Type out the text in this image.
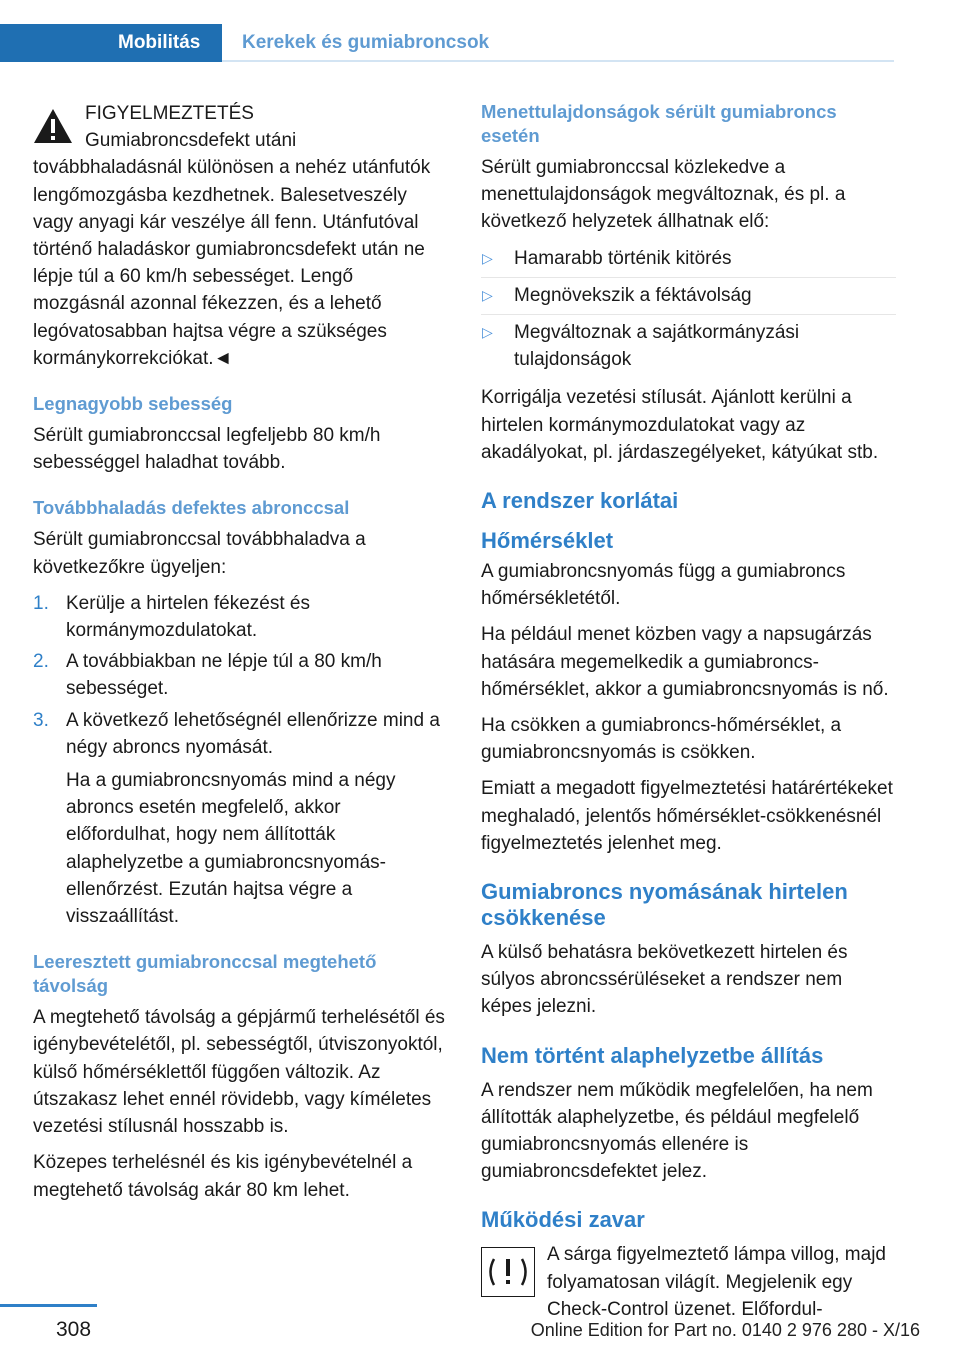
Mobilitás	Kerekek és gumiabroncsok

FIGYELMEZTETÉS

Gumiabroncsdefekt utáni továbbhaladásnál különösen a nehéz utánfutók lengőmozgásba kezdhetnek. Balesetveszély vagy anyagi kár veszélye áll fenn. Utánfutóval történő haladáskor gumiabroncsdefekt után ne lépje túl a 60 km/h sebességet. Lengő mozgásnál azonnal fékezzen, és a lehető legóvatosabban hajtsa végre a szükséges kormánykorrekciókat.◄

Legnagyobb sebesség

Sérült gumiabronccsal legfeljebb 80 km/h sebességgel haladhat tovább.

Továbbhaladás defektes abronccsal

Sérült gumiabronccsal továbbhaladva a következőkre ügyeljen:

1. Kerülje a hirtelen fékezést és kormánymozdulatokat.
2. A továbbiakban ne lépje túl a 80 km/h sebességet.
3. A következő lehetőségnél ellenőrizze mind a négy abroncs nyomását.

Ha a gumiabroncsnyomás mind a négy abroncs esetén megfelelő, akkor előfordulhat, hogy nem állították alaphelyzetbe a gumiabroncsnyomás-ellenőrzést. Ezután hajtsa végre a visszaállítást.

Leeresztett gumiabronccsal megtehető távolság

A megtehető távolság a gépjármű terhelésétől és igénybevételétől, pl. sebességtől, útviszonyoktól, külső hőmérséklettől függően változik. Az útszakasz lehet ennél rövidebb, vagy kíméletes vezetési stílusnál hosszabb is.

Közepes terhelésnél és kis igénybevételnél a megtehető távolság akár 80 km lehet.

Menettulajdonságok sérült gumiabroncs esetén

Sérült gumiabronccsal közlekedve a menettulajdonságok megváltoznak, és pl. a következő helyzetek állhatnak elő:

▷ Hamarabb történik kitörés
▷ Megnövekszik a féktávolság
▷ Megváltoznak a sajátkormányzási tulajdonságok

Korrigálja vezetési stílusát. Ajánlott kerülni a hirtelen kormánymozdulatokat vagy az akadályokat, pl. járdaszegélyeket, kátyúkat stb.

A rendszer korlátai
Hőmérséklet

A gumiabroncsnyomás függ a gumiabroncs hőmérsékletétől.

Ha például menet közben vagy a napsugárzás hatására megemelkedik a gumiabroncs-hőmérséklet, akkor a gumiabroncsnyomás is nő.

Ha csökken a gumiabroncs-hőmérséklet, a gumiabroncsnyomás is csökken.

Emiatt a megadott figyelmeztetési határértékeket meghaladó, jelentős hőmérséklet-csökkenésnél figyelmeztetés jelenhet meg.

Gumiabroncs nyomásának hirtelen csökkenése

A külső behatásra bekövetkezett hirtelen és súlyos abroncssérüléseket a rendszer nem képes jelezni.

Nem történt alaphelyzetbe állítás

A rendszer nem működik megfelelően, ha nem állították alaphelyzetbe, és például megfelelő gumiabroncsnyomás ellenére is gumiabroncsdefektet jelez.

Működési zavar

A sárga figyelmeztető lámpa villog, majd folyamatosan világít. Megjelenik egy Check-Control üzenet. Előfordul-

308	Online Edition for Part no. 0140 2 976 280 - X/16
